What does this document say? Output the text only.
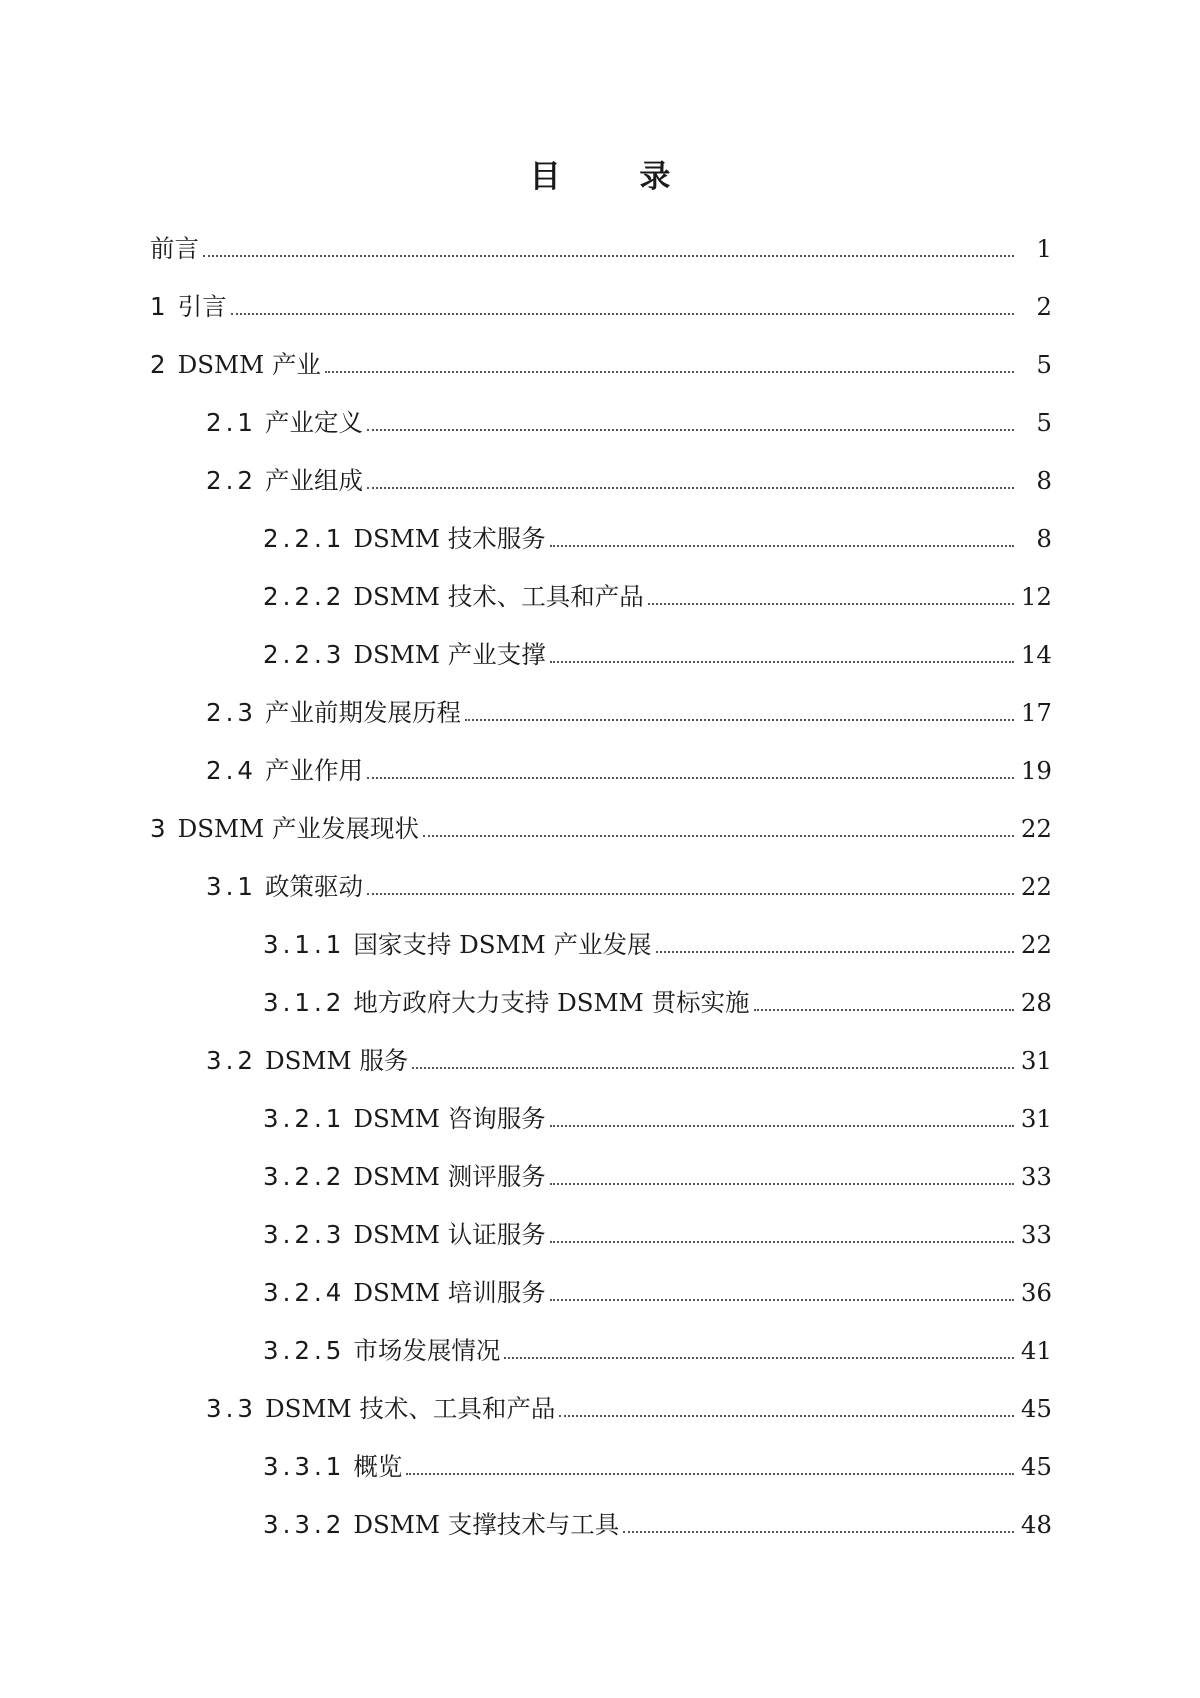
目 录
前言	1
1 引言	2
2 DSMM 产业	5
2.1 产业定义	5
2.2 产业组成	8
2.2.1 DSMM 技术服务	8
2.2.2 DSMM 技术、工具和产品	12
2.2.3 DSMM 产业支撑	14
2.3 产业前期发展历程	17
2.4 产业作用	19
3 DSMM 产业发展现状	22
3.1 政策驱动	22
3.1.1 国家支持 DSMM 产业发展	22
3.1.2 地方政府大力支持 DSMM 贯标实施	28
3.2 DSMM 服务	31
3.2.1 DSMM 咨询服务	31
3.2.2 DSMM 测评服务	33
3.2.3 DSMM 认证服务	33
3.2.4 DSMM 培训服务	36
3.2.5 市场发展情况	41
3.3 DSMM 技术、工具和产品	45
3.3.1 概览	45
3.3.2 DSMM 支撑技术与工具	48
